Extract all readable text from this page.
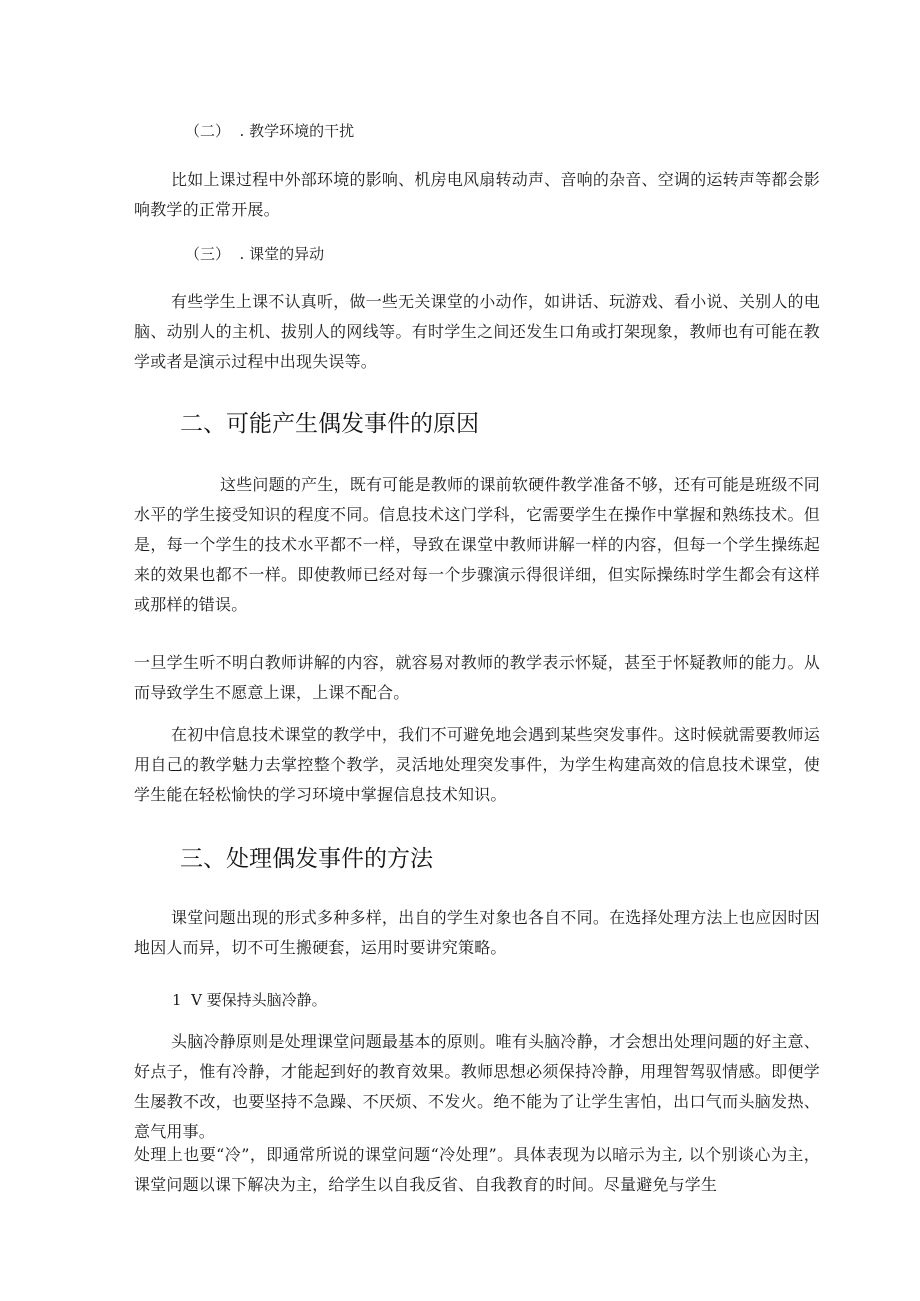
（二）  . 教学环境的干扰

比如上课过程中外部环境的影响、机房电风扇转动声、音响的杂音、空调的运转声等都会影响教学的正常开展。

（三）  . 课堂的异动

有些学生上课不认真听，做一些无关课堂的小动作，如讲话、玩游戏、看小说、关别人的电脑、动别人的主机、拔别人的网线等。有时学生之间还发生口角或打架现象，教师也有可能在教学或者是演示过程中出现失误等。

二、可能产生偶发事件的原因

这些问题的产生，既有可能是教师的课前软硬件教学准备不够，还有可能是班级不同水平的学生接受知识的程度不同。信息技术这门学科，它需要学生在操作中掌握和熟练技术。但是，每一个学生的技术水平都不一样，导致在课堂中教师讲解一样的内容，但每一个学生操练起来的效果也都不一样。即使教师已经对每一个步骤演示得很详细，但实际操练时学生都会有这样或那样的错误。

一旦学生听不明白教师讲解的内容，就容易对教师的教学表示怀疑，甚至于怀疑教师的能力。从而导致学生不愿意上课，上课不配合。

在初中信息技术课堂的教学中，我们不可避免地会遇到某些突发事件。这时候就需要教师运用自己的教学魅力去掌控整个教学，灵活地处理突发事件，为学生构建高效的信息技术课堂，使学生能在轻松愉快的学习环境中掌握信息技术知识。

三、处理偶发事件的方法

课堂问题出现的形式多种多样，出自的学生对象也各自不同。在选择处理方法上也应因时因地因人而异，切不可生搬硬套，运用时要讲究策略。

1  V 要保持头脑冷静。

头脑冷静原则是处理课堂问题最基本的原则。唯有头脑冷静，才会想出处理问题的好主意、好点子，惟有冷静，才能起到好的教育效果。教师思想必须保持冷静，用理智驾驭情感。即便学生屡教不改，也要坚持不急躁、不厌烦、不发火。绝不能为了让学生害怕，出口气而头脑发热、意气用事。

处理上也要“冷”，即通常所说的课堂问题“冷处理”。具体表现为以暗示为主, 以个别谈心为主，课堂问题以课下解决为主，给学生以自我反省、自我教育的时间。尽量避免与学生
